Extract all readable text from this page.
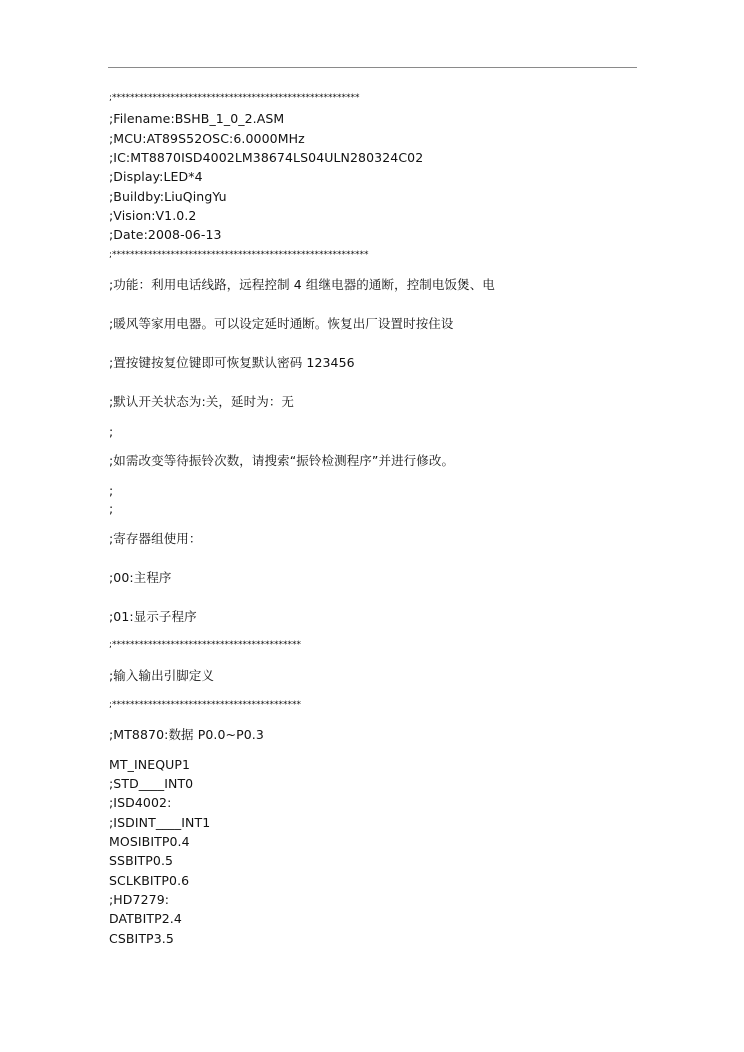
;*******************************************************

;Filename:BSHB_1_0_2.ASM

;MCU:AT89S52OSC:6.0000MHz

;IC:MT8870ISD4002LM38674LS04ULN280324C02

;Display:LED*4

;Buildby:LiuQingYu

;Vision:V1.0.2

;Date:2008-06-13

;*********************************************************

;功能：利用电话线路，远程控制 4 组继电器的通断，控制电饭煲、电

;暖风等家用电器。可以设定延时通断。恢复出厂设置时按住设

;置按键按复位键即可恢复默认密码 123456

;默认开关状态为:关，延时为：无

;

;如需改变等待振铃次数，请搜索“振铃检测程序”并进行修改。

;

;

;寄存器组使用：

;00:主程序

;01:显示子程序

;******************************************

;输入输出引脚定义

;******************************************

;MT8870:数据 P0.0~P0.3

MT_INEQUP1

;STD____INT0

;ISD4002:

;ISDINT____INT1

MOSIBITP0.4

SSBITP0.5

SCLKBITP0.6

;HD7279:

DATBITP2.4

CSBITP3.5
